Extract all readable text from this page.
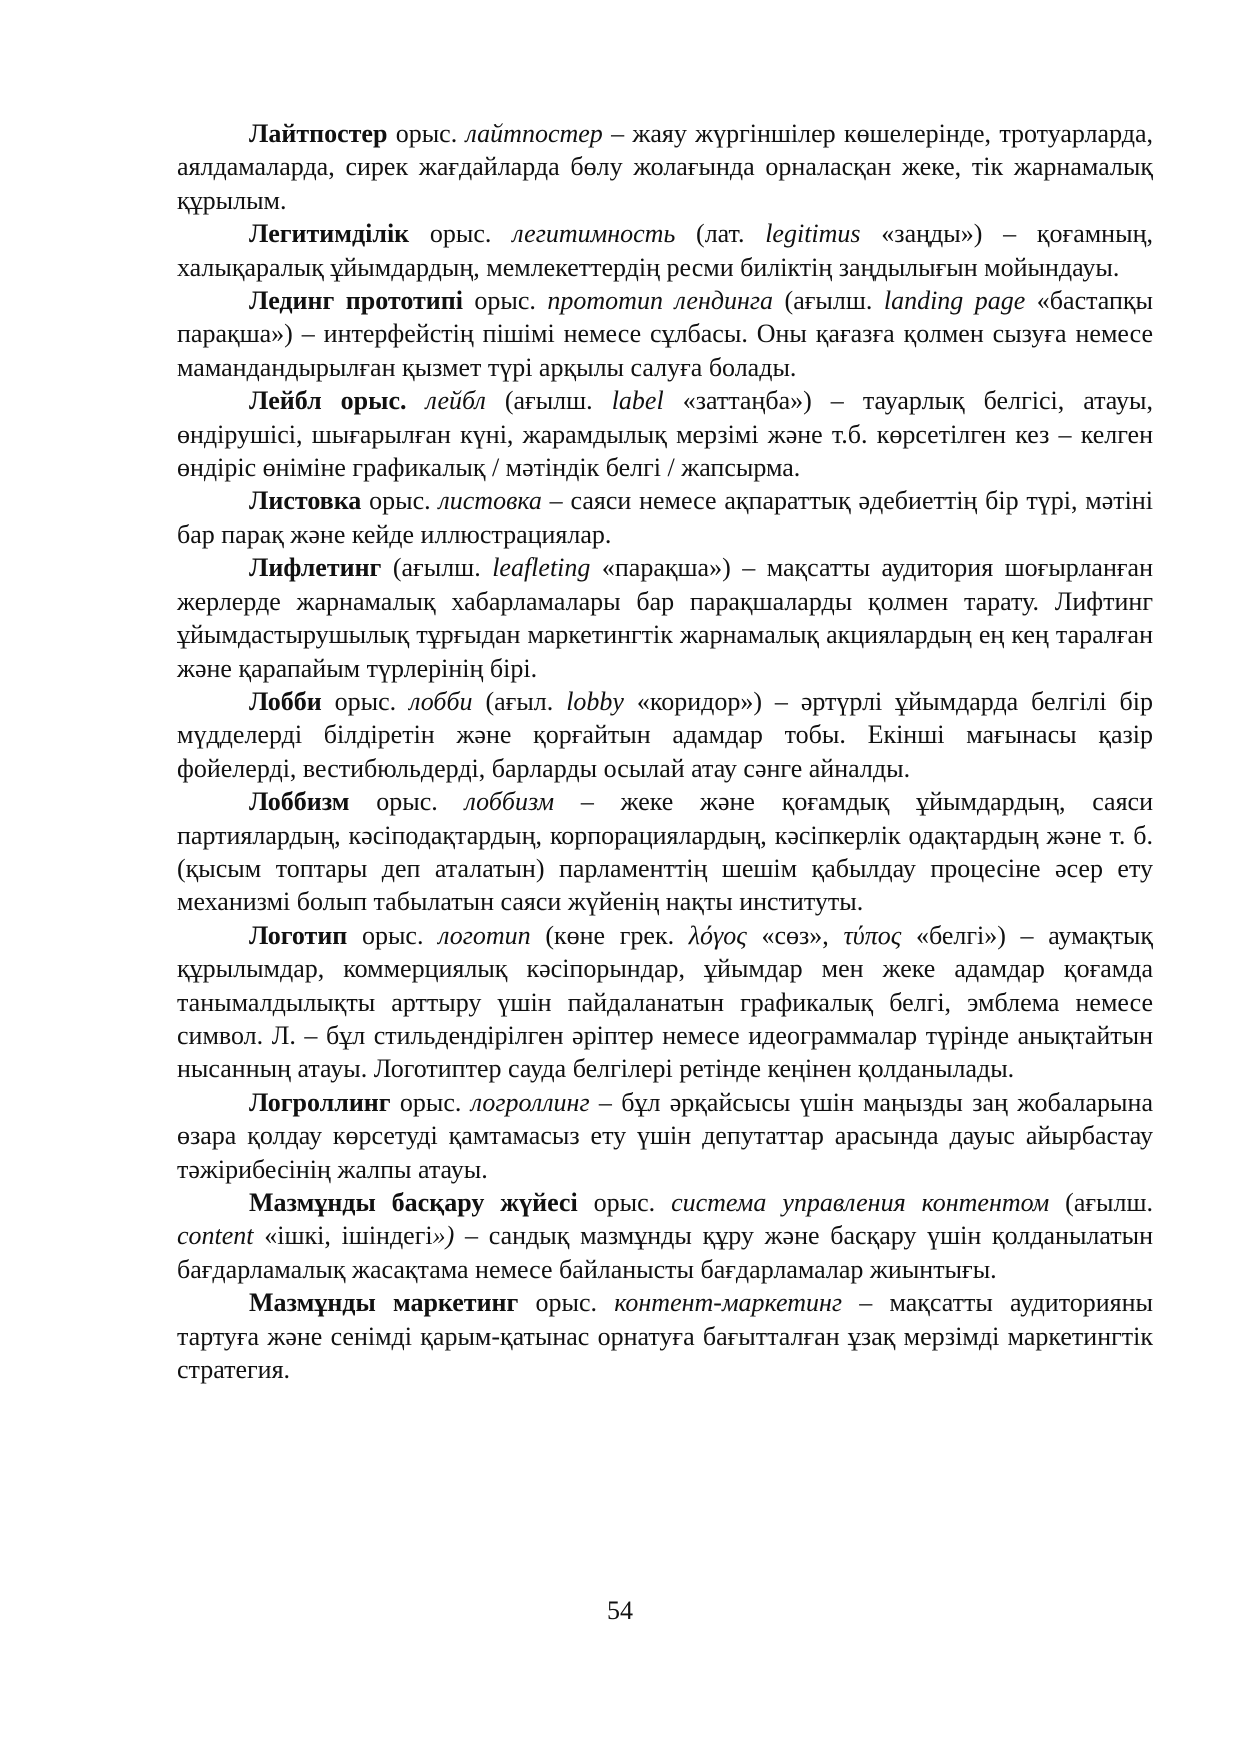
Лайтпостер орыс. лайтпостер – жаяу жүргіншілер көшелерінде, тротуарларда, аялдамаларда, сирек жағдайларда бөлу жолағында орналасқан жеке, тік жарнамалық құрылым.

Легитимділік орыс. легитимность (лат. legitimus «заңды») – қоғамның, халықаралық ұйымдардың, мемлекеттердің ресми биліктің заңдылығын мойындауы.

Лединг прототипі орыс. прототип лендинга (ағылш. landing page «бастапқы парақша») – интерфейстің пішімі немесе сұлбасы. Оны қағазға қолмен сызуға немесе мамандандырылған қызмет түрі арқылы салуға болады.

Лейбл орыс. лейбл (ағылш. label «заттаңба») – тауарлық белгісі, атауы, өндірушісі, шығарылған күні, жарамдылық мерзімі және т.б. көрсетілген кез – келген өндіріс өніміне графикалық / мәтіндік белгі / жапсырма.

Листовка орыс. листовка – саяси немесе ақпараттық әдебиеттің бір түрі, мәтіні бар парақ және кейде иллюстрациялар.

Лифлетинг (ағылш. leafleting «парақша») – мақсатты аудитория шоғырланған жерлерде жарнамалық хабарламалары бар парақшаларды қолмен тарату. Лифтинг ұйымдастырушылық тұрғыдан маркетингтік жарнамалық акциялардың ең кең таралған және қарапайым түрлерінің бірі.

Лобби орыс. лобби (ағыл. lobby «коридор») – әртүрлі ұйымдарда белгілі бір мүдделерді білдіретін және қорғайтын адамдар тобы. Екінші мағынасы қазір фойелерді, вестибюльдерді, барларды осылай атау сәнге айналды.

Лоббизм орыс. лоббизм – жеке және қоғамдық ұйымдардың, саяси партиялардың, кәсіподақтардың, корпорациялардың, кәсіпкерлік одақтардың және т. б. (қысым топтары деп аталатын) парламенттің шешім қабылдау процесіне әсер ету механизмі болып табылатын саяси жүйенің нақты институты.

Логотип орыс. логотип (көне грек. λόγος «сөз», τύπος «белгі») – аумақтық құрылымдар, коммерциялық кәсіпорындар, ұйымдар мен жеке адамдар қоғамда танымалдылықты арттыру үшін пайдаланатын графикалық белгі, эмблема немесе символ. Л. – бұл стильдендірілген әріптер немесе идеограммалар түрінде анықтайтын нысанның атауы. Логотиптер сауда белгілері ретінде кеңінен қолданылады.

Логроллинг орыс. логроллинг – бұл әрқайсысы үшін маңызды заң жобаларына өзара қолдау көрсетуді қамтамасыз ету үшін депутаттар арасында дауыс айырбастау тәжірибесінің жалпы атауы.

Мазмұнды басқару жүйесі орыс. система управления контентом (ағылш. content «ішкі, ішіндегі») – сандық мазмұнды құру және басқару үшін қолданылатын бағдарламалық жасақтама немесе байланысты бағдарламалар жиынтығы.

Мазмұнды маркетинг орыс. контент-маркетинг – мақсатты аудиторияны тартуға және сенімді қарым-қатынас орнатуға бағытталған ұзақ мерзімді маркетингтік стратегия.

54
